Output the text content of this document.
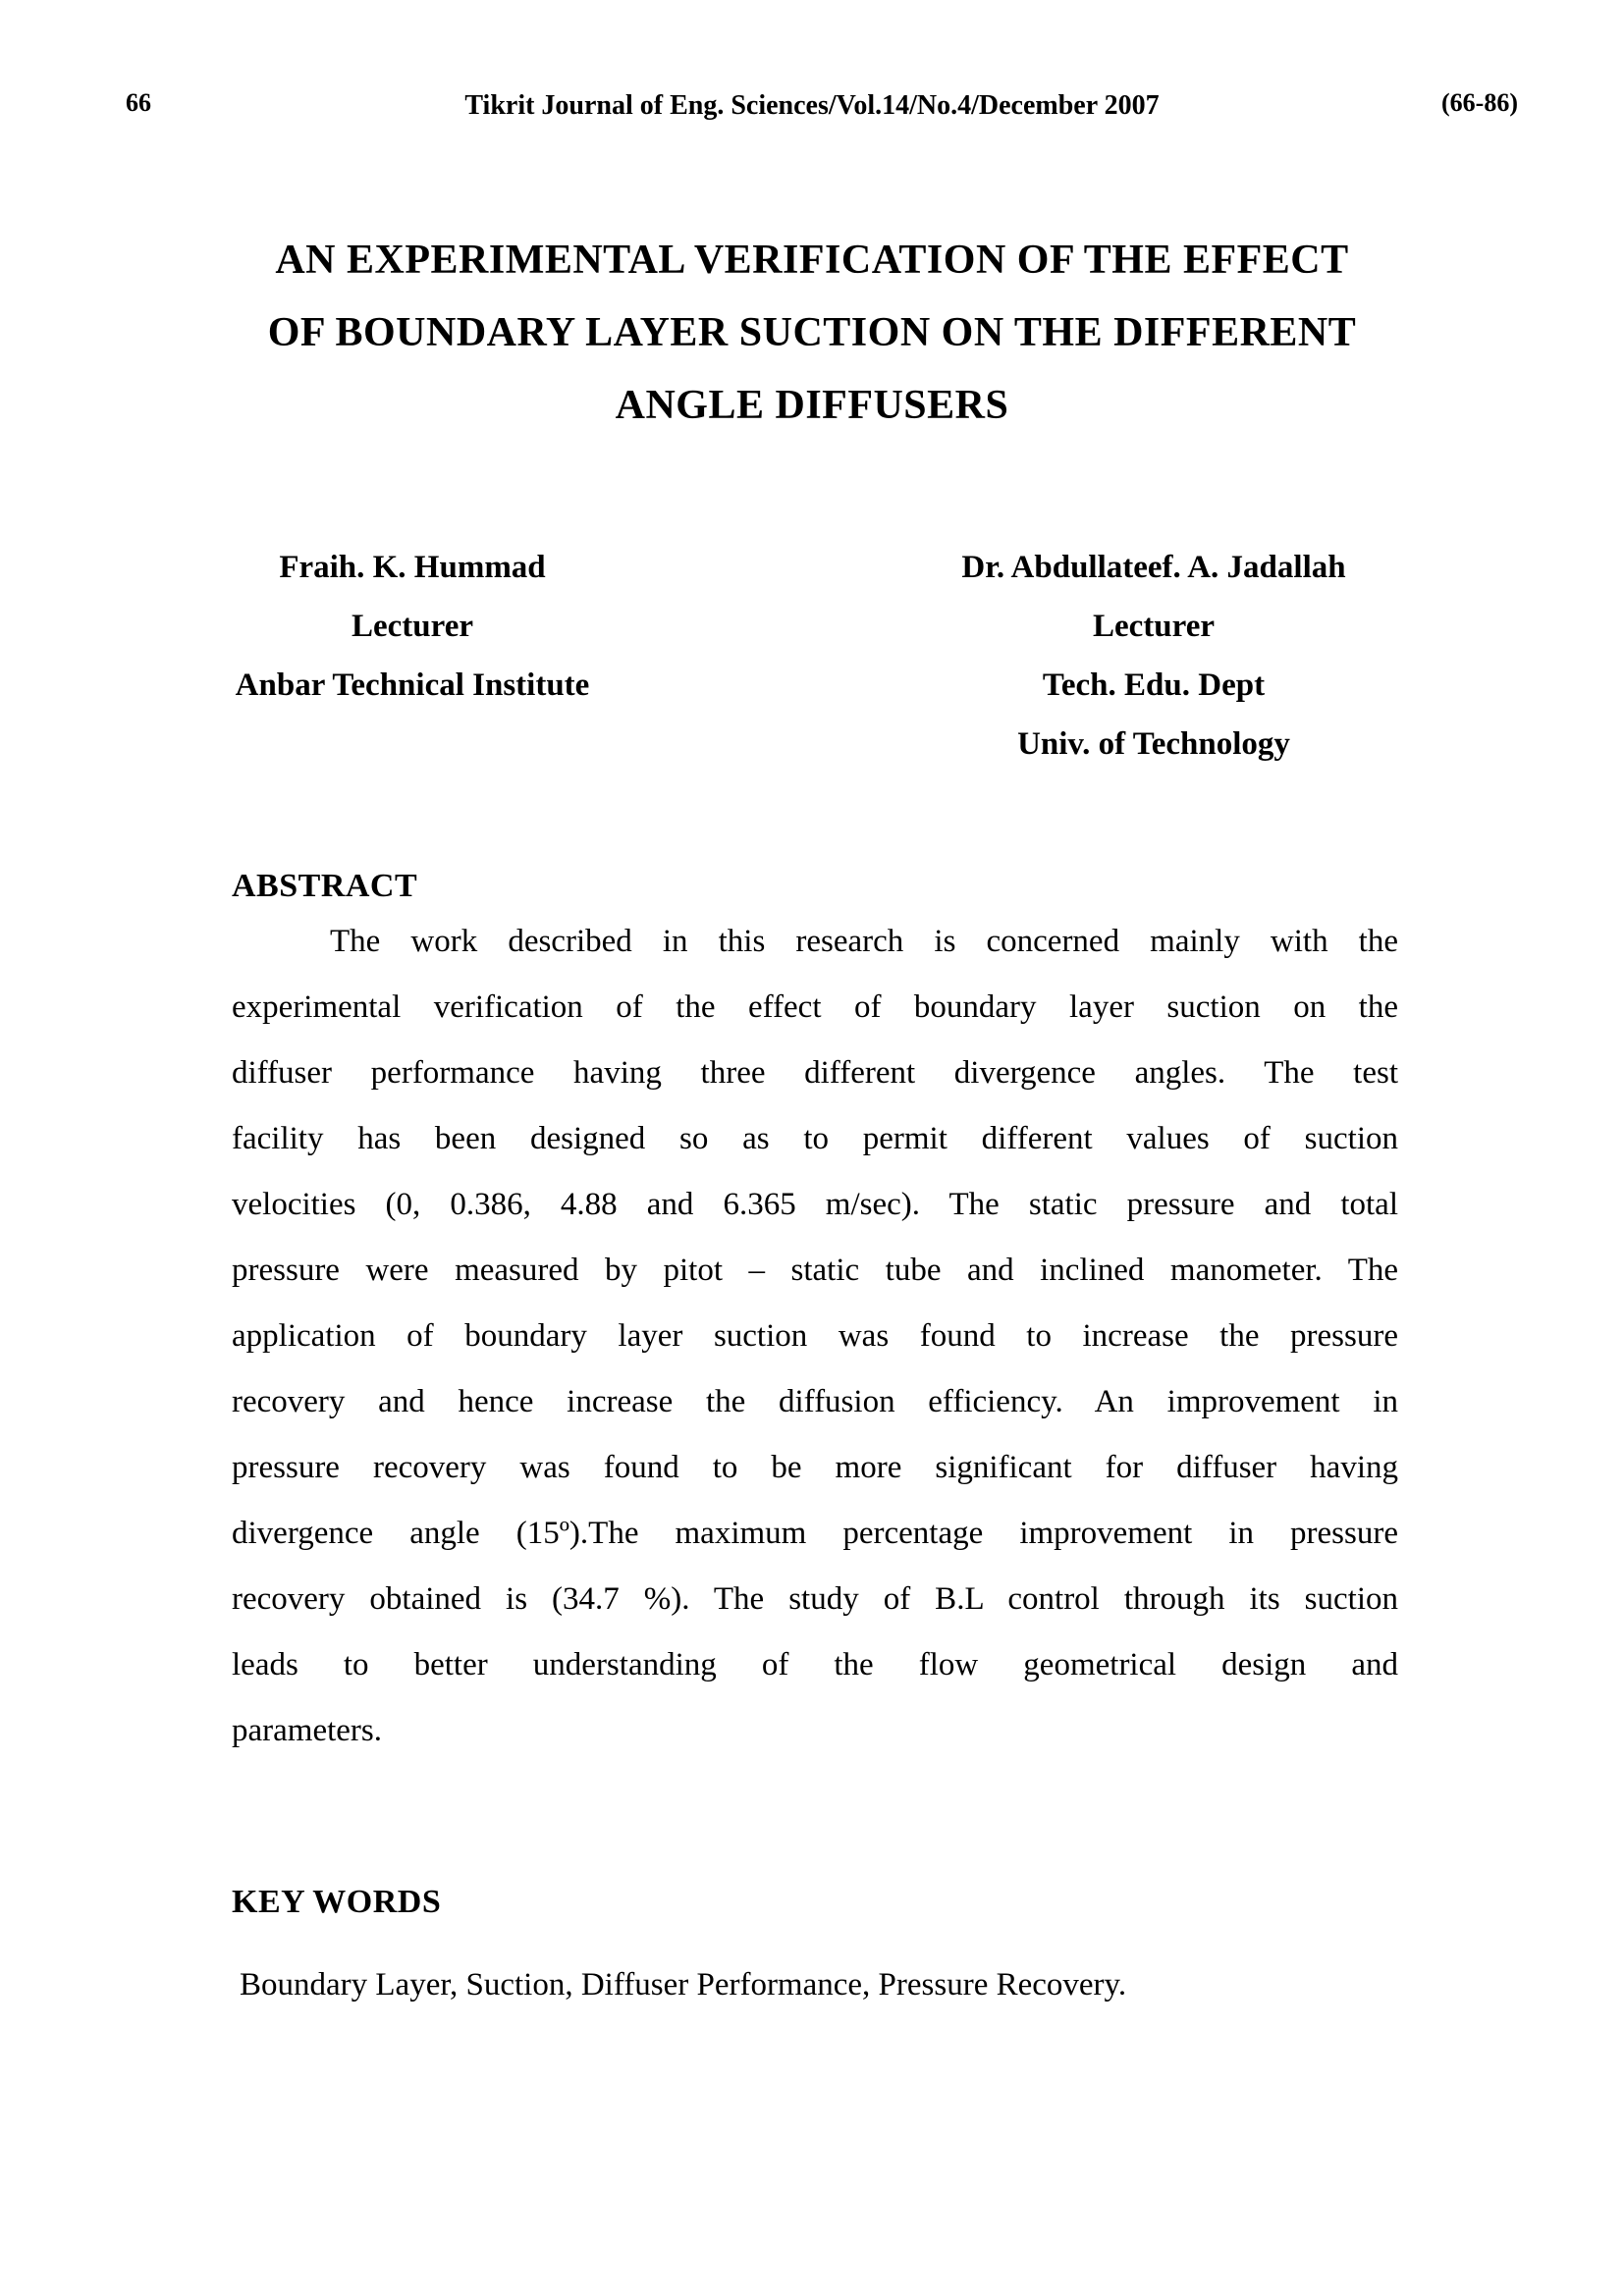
66	Tikrit Journal of Eng. Sciences/Vol.14/No.4/December 2007	(66-86)
AN EXPERIMENTAL VERIFICATION OF THE EFFECT
OF BOUNDARY LAYER SUCTION ON THE DIFFERENT
ANGLE DIFFUSERS
Fraih. K. Hummad
Lecturer
Anbar Technical Institute
Dr. Abdullateef. A. Jadallah
Lecturer
Tech. Edu. Dept
Univ. of Technology
ABSTRACT
The work described in this research is concerned mainly with the
experimental verification of the effect of boundary layer suction on the
diffuser performance having three different divergence angles. The test
facility has been designed so as to permit different values of suction
velocities (0, 0.386, 4.88 and 6.365 m/sec). The static pressure and total
pressure were measured by pitot – static tube and inclined manometer. The
application of boundary layer suction was found to increase the pressure
recovery and hence increase the diffusion efficiency. An improvement in
pressure recovery was found to be more significant for diffuser having
divergence angle (15º).The maximum percentage improvement in pressure
recovery obtained is (34.7 %). The study of B.L control through its suction
leads to better understanding of the flow geometrical design and
parameters.
KEY WORDS
Boundary Layer, Suction, Diffuser Performance, Pressure Recovery.
